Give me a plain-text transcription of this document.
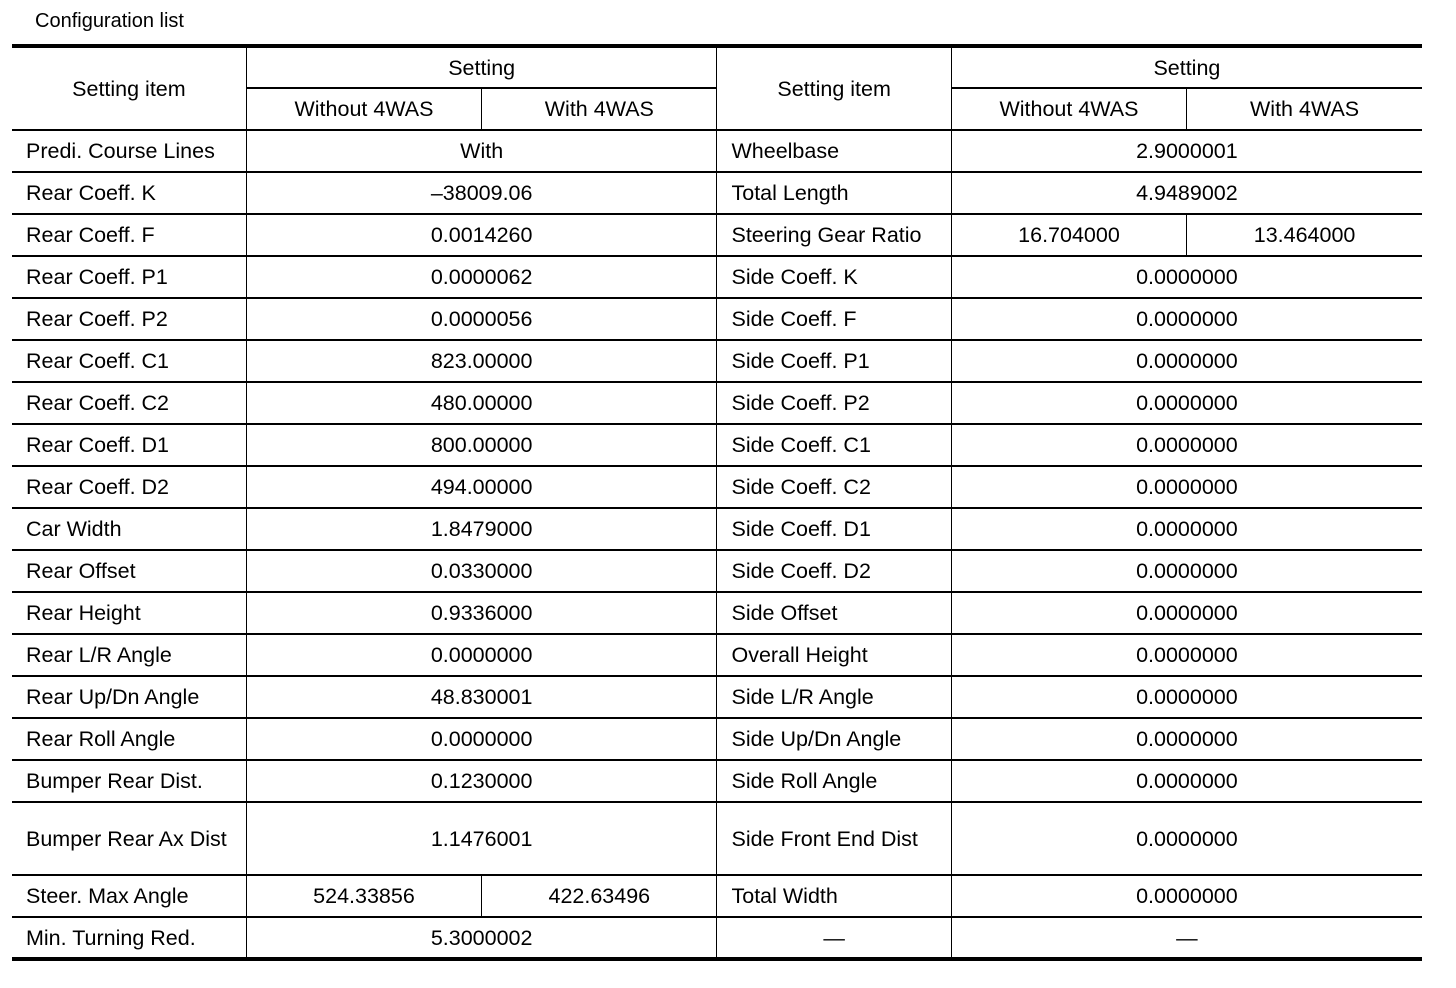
Configuration list
Setting item	Setting		Setting item	Setting	
	Without 4WAS	With 4WAS		Without 4WAS	With 4WAS
Predi. Course Lines	With		Wheelbase	2.9000001	
Rear Coeff. K	–38009.06		Total Length	4.9489002	
Rear Coeff. F	0.0014260		Steering Gear Ratio	16.704000	13.464000
Rear Coeff. P1	0.0000062		Side Coeff. K	0.0000000	
Rear Coeff. P2	0.0000056		Side Coeff. F	0.0000000	
Rear Coeff. C1	823.00000		Side Coeff. P1	0.0000000	
Rear Coeff. C2	480.00000		Side Coeff. P2	0.0000000	
Rear Coeff. D1	800.00000		Side Coeff. C1	0.0000000	
Rear Coeff. D2	494.00000		Side Coeff. C2	0.0000000	
Car Width	1.8479000		Side Coeff. D1	0.0000000	
Rear Offset	0.0330000		Side Coeff. D2	0.0000000	
Rear Height	0.9336000		Side Offset	0.0000000	
Rear L/R Angle	0.0000000		Overall Height	0.0000000	
Rear Up/Dn Angle	48.830001		Side L/R Angle	0.0000000	
Rear Roll Angle	0.0000000		Side Up/Dn Angle	0.0000000	
Bumper Rear Dist.	0.1230000		Side Roll Angle	0.0000000	
Bumper Rear Ax Dist	1.1476001		Side Front End Dist	0.0000000	
Steer. Max Angle	524.33856	422.63496	Total Width	0.0000000	
Min. Turning Red.	5.3000002		—	—	
